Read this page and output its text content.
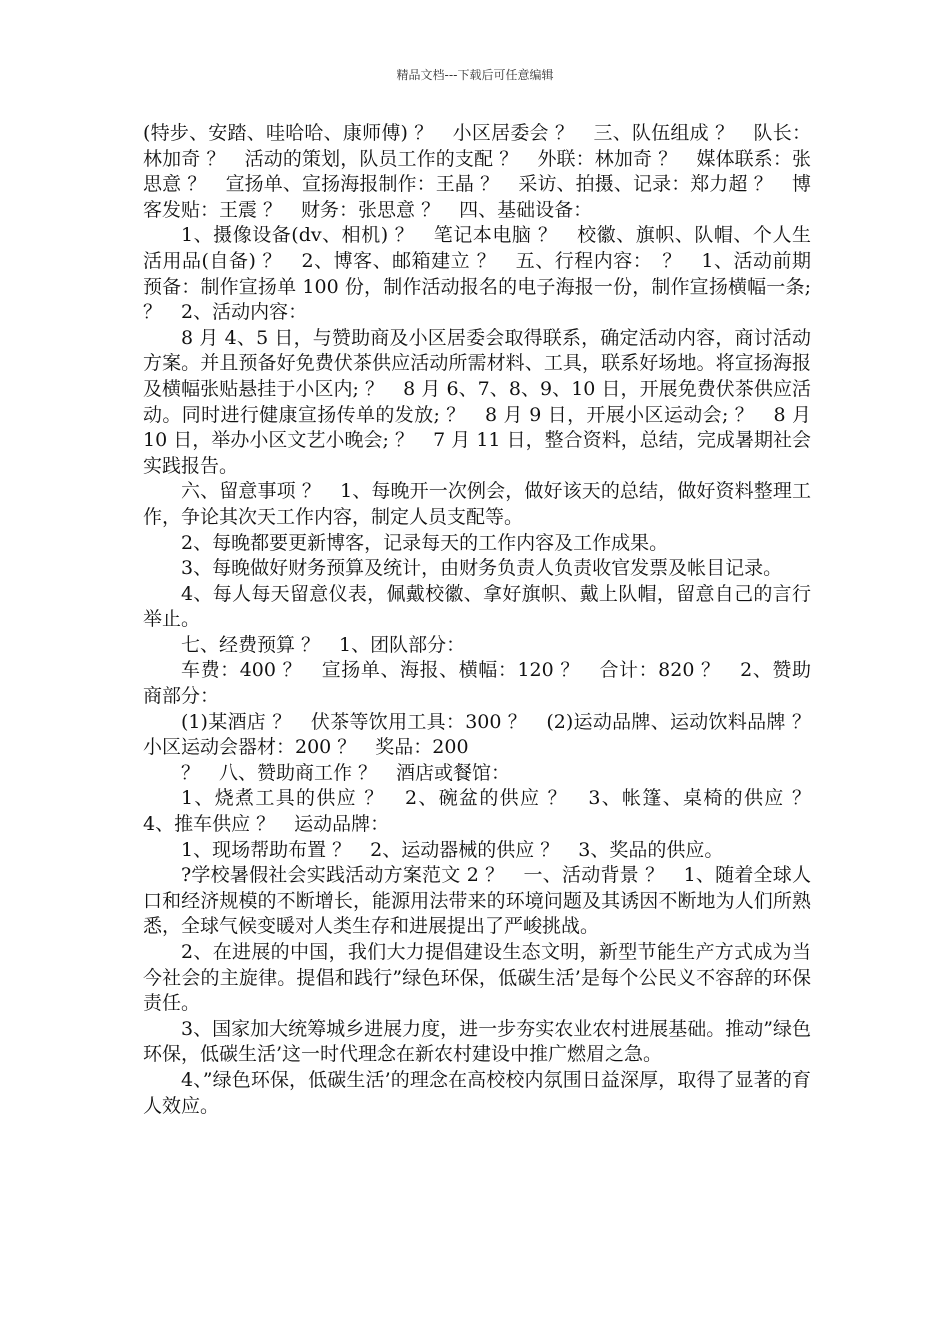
精品文档---下载后可任意编辑

(特步、安踏、哇哈哈、康师傅) ？　小区居委会 ？　三、队伍组成 ？　队长：林加奇 ？　活动的策划，队员工作的支配 ？　外联：林加奇 ？　媒体联系：张思意 ？　宣扬单、宣扬海报制作：王晶 ？　采访、拍摄、记录：郑力超 ？　博客发贴：王震 ？　财务：张思意 ？　四、基础设备：

1、摄像设备(dv、相机) ？　笔记本电脑 ？　校徽、旗帜、队帽、个人生活用品(自备) ？　2、博客、邮箱建立 ？　五、行程内容：　？　1、活动前期预备：制作宣扬单 100 份，制作活动报名的电子海报一份，制作宣扬横幅一条; ？　2、活动内容：

8 月 4、5 日，与赞助商及小区居委会取得联系，确定活动内容，商讨活动方案。并且预备好免费伏茶供应活动所需材料、工具，联系好场地。将宣扬海报及横幅张贴悬挂于小区内; ？　8 月 6、7、8、9、10 日，开展免费伏茶供应活动。同时进行健康宣扬传单的发放; ？　8 月 9 日，开展小区运动会; ？　8 月 10 日，举办小区文艺小晚会; ？　7 月 11 日，整合资料，总结，完成暑期社会实践报告。

六、留意事项 ？　1、每晚开一次例会，做好该天的总结，做好资料整理工作，争论其次天工作内容，制定人员支配等。

2、每晚都要更新博客，记录每天的工作内容及工作成果。

3、每晚做好财务预算及统计，由财务负责人负责收官发票及帐目记录。

4、每人每天留意仪表，佩戴校徽、拿好旗帜、戴上队帽，留意自己的言行举止。

七、经费预算 ？　1、团队部分：

车费：400 ？　宣扬单、海报、横幅：120 ？　合计：820 ？　2、赞助商部分：

(1)某酒店 ？　伏茶等饮用工具：300 ？　(2)运动品牌、运动饮料品牌 ？　小区运动会器材：200 ？　奖品：200

？　八、赞助商工作 ？　酒店或餐馆：

1、烧煮工具的供应 ？　2、碗盆的供应 ？　3、帐篷、桌椅的供应 ？　4、推车供应 ？　运动品牌：

1、现场帮助布置 ？　2、运动器械的供应 ？　3、奖品的供应。

?学校暑假社会实践活动方案范文 2 ？　一、活动背景 ？　1、随着全球人口和经济规模的不断增长，能源用法带来的环境问题及其诱因不断地为人们所熟悉，全球气候变暖对人类生存和进展提出了严峻挑战。

2、在进展的中国，我们大力提倡建设生态文明，新型节能生产方式成为当今社会的主旋律。提倡和践行”绿色环保，低碳生活’是每个公民义不容辞的环保责任。

3、国家加大统筹城乡进展力度，进一步夯实农业农村进展基础。推动”绿色环保，低碳生活’这一时代理念在新农村建设中推广燃眉之急。

4、”绿色环保，低碳生活’的理念在高校校内氛围日益深厚，取得了显著的育人效应。
